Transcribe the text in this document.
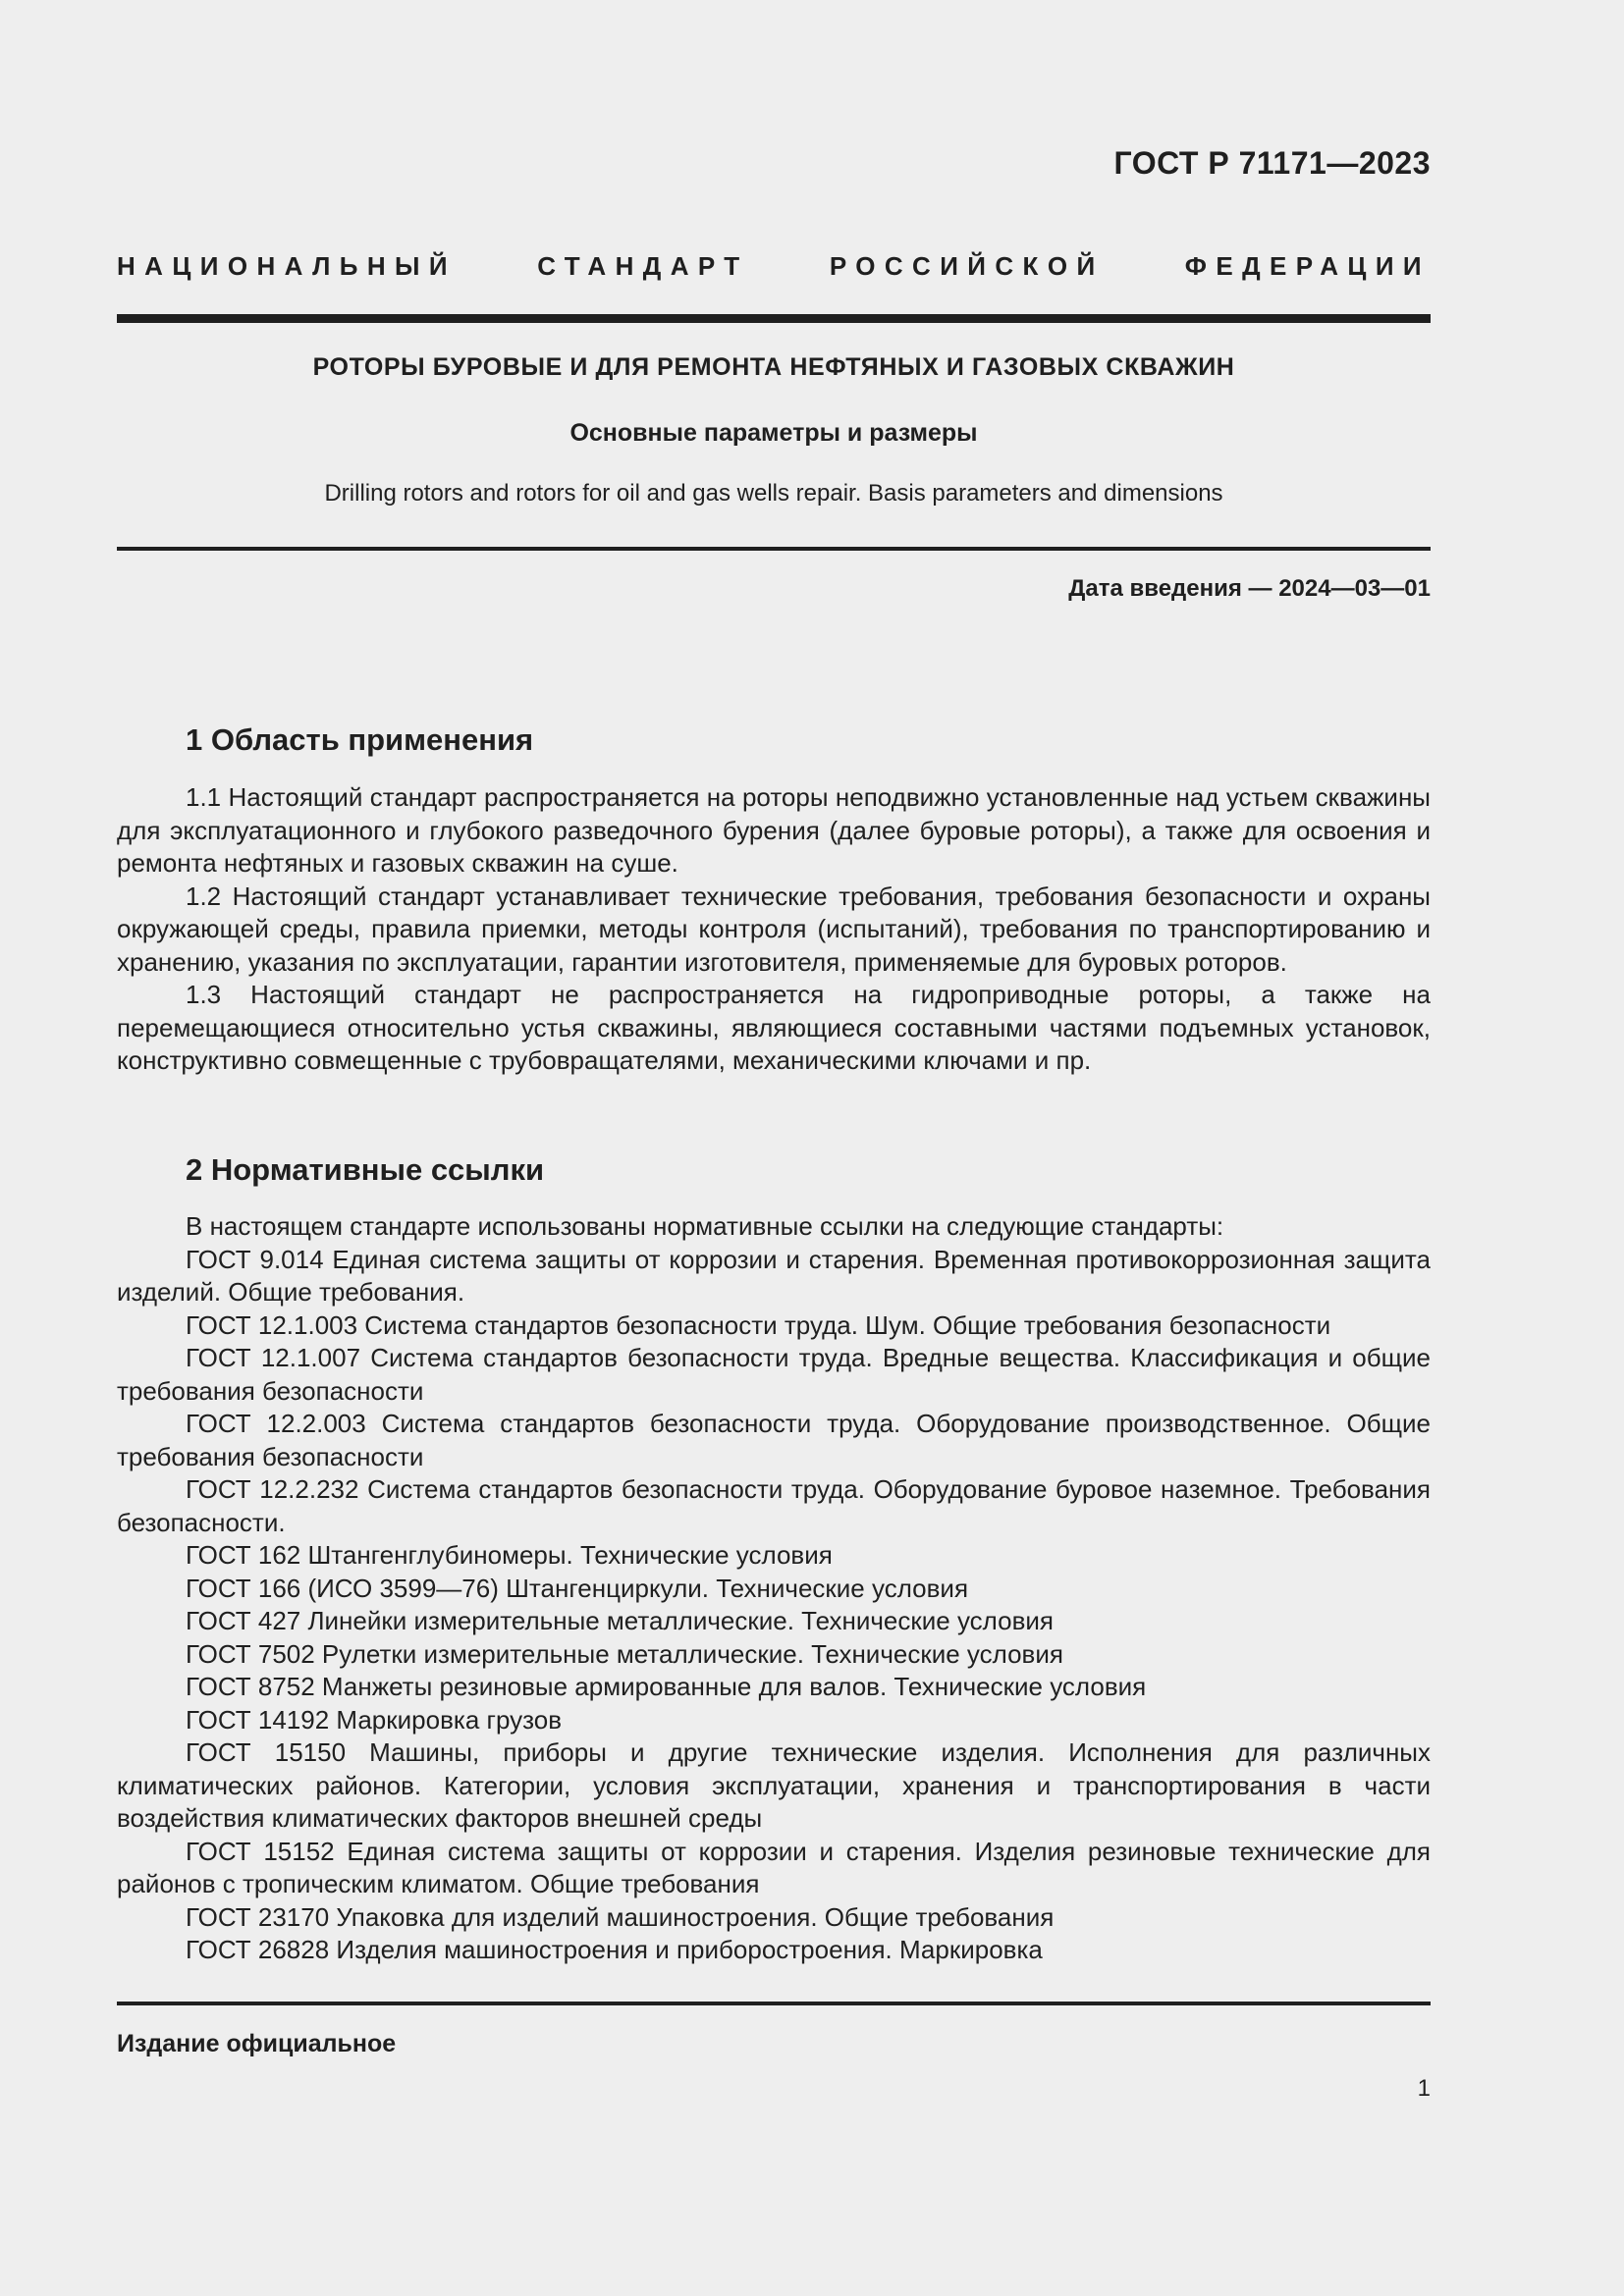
ГОСТ Р 71171—2023
НАЦИОНАЛЬНЫЙ СТАНДАРТ РОССИЙСКОЙ ФЕДЕРАЦИИ
РОТОРЫ БУРОВЫЕ И ДЛЯ РЕМОНТА НЕФТЯНЫХ И ГАЗОВЫХ СКВАЖИН
Основные параметры и размеры
Drilling rotors and rotors for oil and gas wells repair. Basis parameters and dimensions
Дата введения — 2024—03—01
1 Область применения

1.1 Настоящий стандарт распространяется на роторы неподвижно установленные над устьем скважины для эксплуатационного и глубокого разведочного бурения (далее буровые роторы), а также для освоения и ремонта нефтяных и газовых скважин на суше.

1.2 Настоящий стандарт устанавливает технические требования, требования безопасности и охраны окружающей среды, правила приемки, методы контроля (испытаний), требования по транспортированию и хранению, указания по эксплуатации, гарантии изготовителя, применяемые для буровых роторов.

1.3 Настоящий стандарт не распространяется на гидроприводные роторы, а также на перемещающиеся относительно устья скважины, являющиеся составными частями подъемных установок, конструктивно совмещенные с трубовращателями, механическими ключами и пр.

2 Нормативные ссылки

В настоящем стандарте использованы нормативные ссылки на следующие стандарты:

ГОСТ 9.014 Единая система защиты от коррозии и старения. Временная противокоррозионная защита изделий. Общие требования.

ГОСТ 12.1.003 Система стандартов безопасности труда. Шум. Общие требования безопасности

ГОСТ 12.1.007 Система стандартов безопасности труда. Вредные вещества. Классификация и общие требования безопасности

ГОСТ 12.2.003 Система стандартов безопасности труда. Оборудование производственное. Общие требования безопасности

ГОСТ 12.2.232 Система стандартов безопасности труда. Оборудование буровое наземное. Требования безопасности.

ГОСТ 162 Штангенглубиномеры. Технические условия

ГОСТ 166 (ИСО 3599—76) Штангенциркули. Технические условия

ГОСТ 427 Линейки измерительные металлические. Технические условия

ГОСТ 7502 Рулетки измерительные металлические. Технические условия

ГОСТ 8752 Манжеты резиновые армированные для валов. Технические условия

ГОСТ 14192 Маркировка грузов

ГОСТ 15150 Машины, приборы и другие технические изделия. Исполнения для различных климатических районов. Категории, условия эксплуатации, хранения и транспортирования в части воздействия климатических факторов внешней среды

ГОСТ 15152 Единая система защиты от коррозии и старения. Изделия резиновые технические для районов с тропическим климатом. Общие требования

ГОСТ 23170 Упаковка для изделий машиностроения. Общие требования

ГОСТ 26828 Изделия машиностроения и приборостроения. Маркировка

Издание официальное
1
